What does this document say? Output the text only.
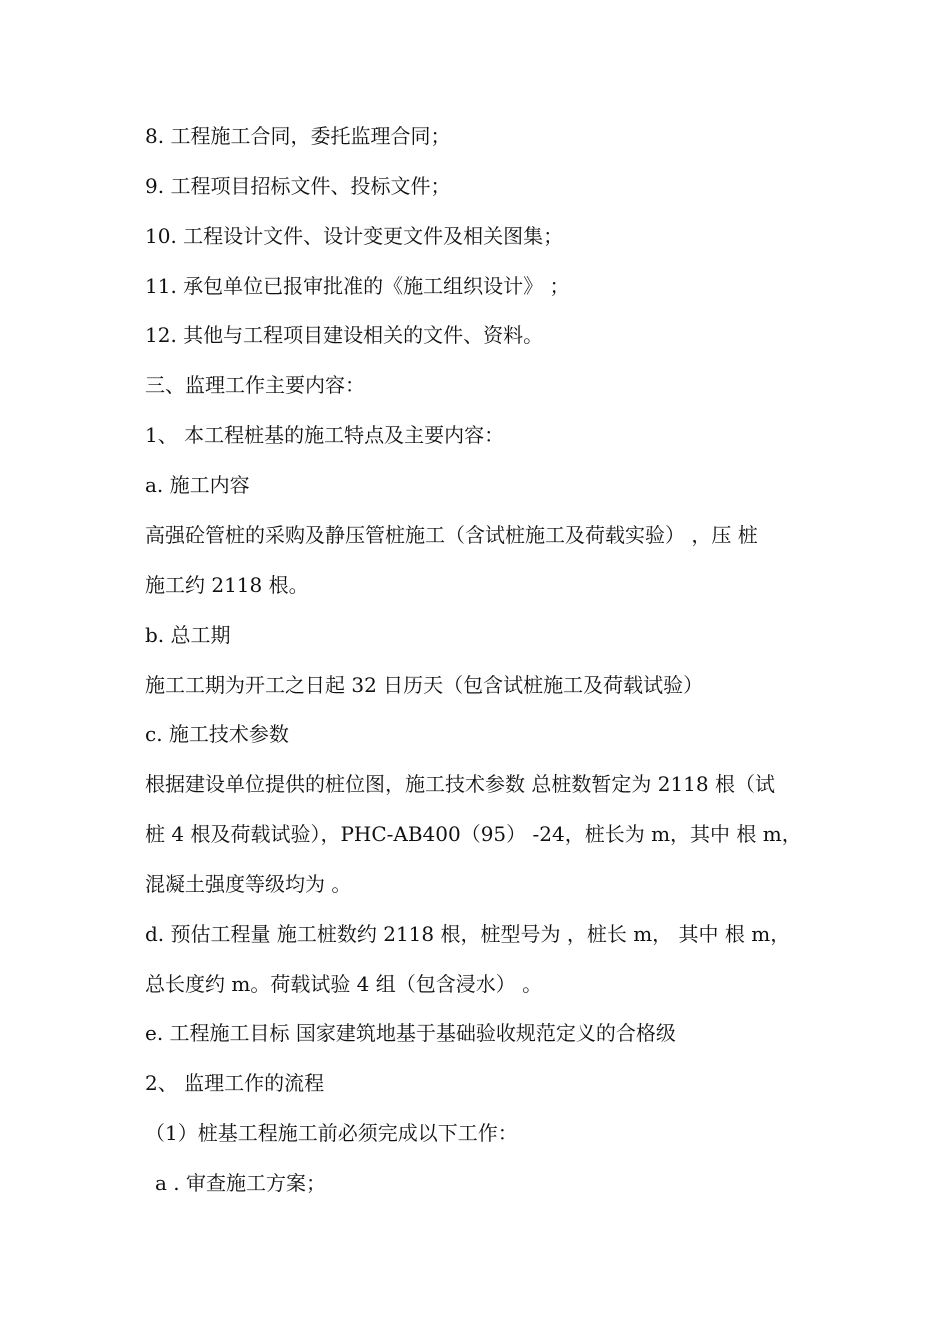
8. 工程施工合同，委托监理合同；
9. 工程项目招标文件、投标文件；
10. 工程设计文件、设计变更文件及相关图集；
11. 承包单位已报审批准的《施工组织设计》 ；
12. 其他与工程项目建设相关的文件、资料。
三、监理工作主要内容：
1、 本工程桩基的施工特点及主要内容：
a. 施工内容
高强砼管桩的采购及静压管桩施工（含试桩施工及荷载实验） ，压 桩
施工约 2118 根。
b. 总工期
施工工期为开工之日起 32 日历天（包含试桩施工及荷载试验）
c. 施工技术参数
根据建设单位提供的桩位图，施工技术参数 总桩数暂定为 2118 根（试
桩 4 根及荷载试验），PHC-AB400（95） -24，桩长为 m，其中 根 m，
混凝土强度等级均为 。
d. 预估工程量 施工桩数约 2118 根，桩型号为 ，桩长 m， 其中 根 m，
总长度约 m。荷载试验 4 组（包含浸水） 。
e. 工程施工目标 国家建筑地基于基础验收规范定义的合格级
2、 监理工作的流程
（1）桩基工程施工前必须完成以下工作：
a . 审查施工方案；
